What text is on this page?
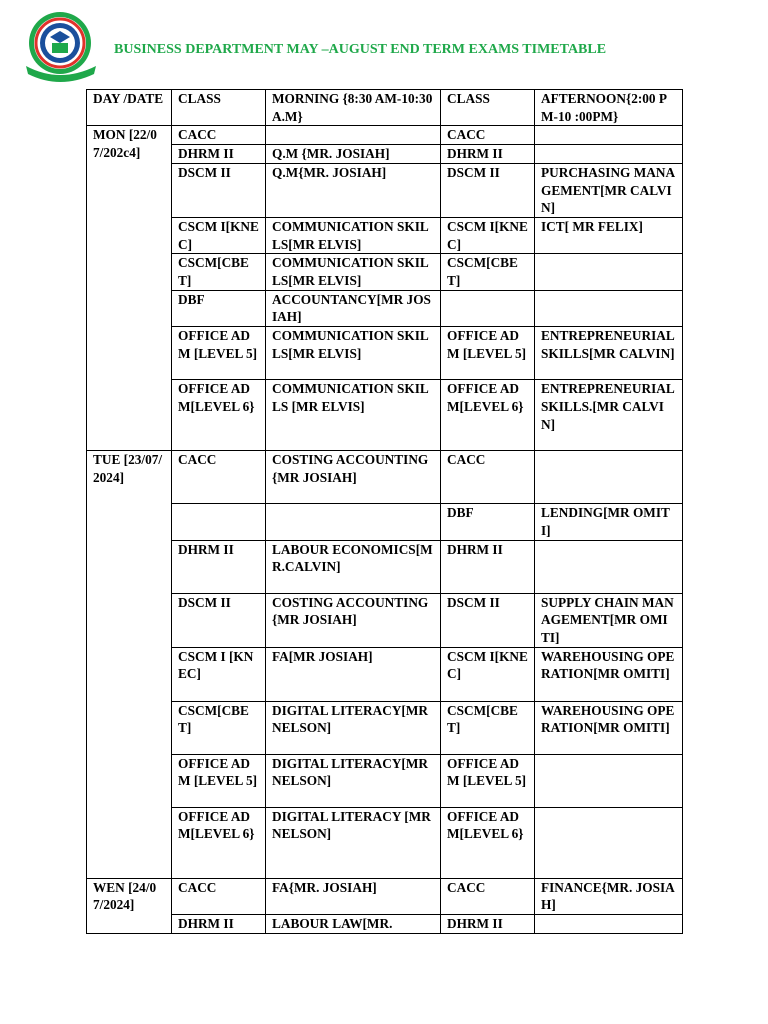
BUSINESS DEPARTMENT MAY –AUGUST END TERM EXAMS TIMETABLE
DAY /DATE	CLASS	MORNING {8:30 AM-10:30 A.M}	CLASS	AFTERNOON{2:00 PM-10 :00PM}
MON [22/07/202c4]	CACC		CACC	
	DHRM II	Q.M {MR. JOSIAH]	DHRM II	
	DSCM II	Q.M{MR. JOSIAH]	DSCM II	PURCHASING MANAGEMENT[MR CALVIN]
	CSCM I[KNEC]	COMMUNICATION SKILLS[MR ELVIS]	CSCM I[KNEC]	ICT[ MR FELIX]
	CSCM[CBET]	COMMUNICATION SKILLS[MR ELVIS]	CSCM[CBET]	
	DBF	ACCOUNTANCY[MR JOSIAH]		
	OFFICE ADM [LEVEL 5]	COMMUNICATION SKILLS[MR ELVIS]	OFFICE ADM [LEVEL 5]	ENTREPRENEURIAL SKILLS[MR CALVIN]
	OFFICE ADM[LEVEL 6}	COMMUNICATION SKILLS [MR ELVIS]	OFFICE ADM[LEVEL 6}	ENTREPRENEURIAL SKILLS.[MR CALVIN]
TUE [23/07/2024]	CACC	COSTING ACCOUNTING {MR JOSIAH]	CACC	
			DBF	LENDING[MR OMITI]
	DHRM II	LABOUR ECONOMICS[MR.CALVIN]	DHRM II	
	DSCM II	COSTING ACCOUNTING {MR JOSIAH]	DSCM II	SUPPLY CHAIN MANAGEMENT[MR OMITI]
	CSCM I [KNEC]	FA[MR JOSIAH]	CSCM I[KNEC]	WAREHOUSING OPERATION[MR OMITI]
	CSCM[CBET]	DIGITAL LITERACY[MR NELSON]	CSCM[CBET]	WAREHOUSING OPERATION[MR OMITI]
	OFFICE ADM [LEVEL 5]	DIGITAL LITERACY[MR NELSON]	OFFICE ADM [LEVEL 5]	
	OFFICE ADM[LEVEL 6}	DIGITAL LITERACY [MR NELSON]	OFFICE ADM[LEVEL 6}	
WEN [24/07/2024]	CACC	FA{MR. JOSIAH]	CACC	FINANCE{MR. JOSIAH]
	DHRM II	LABOUR LAW[MR.	DHRM II	
